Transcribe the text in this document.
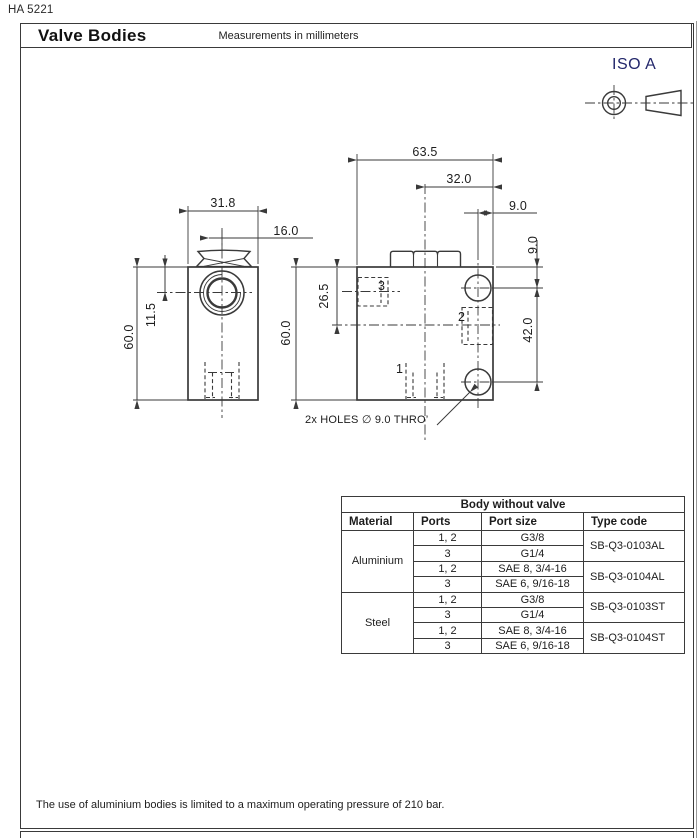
HA 5221
Valve Bodies	Measurements in millimeters
ISO A
31.8
16.0
11.5
60.0
63.5
32.0
9.0
9.0
42.0
26.5
60.0
3
2
1
2x HOLES ∅ 9.0 THRO’
Body without valve			
Material	Ports	Port size	Type code
Aluminium	1, 2	G3/8	SB-Q3-0103AL
	3	G1/4	
	1, 2	SAE 8, 3/4-16	SB-Q3-0104AL
	3	SAE 6, 9/16-18	
Steel	1, 2	G3/8	SB-Q3-0103ST
	3	G1/4	
	1, 2	SAE 8, 3/4-16	SB-Q3-0104ST
	3	SAE 6, 9/16-18	
The use of aluminium bodies is limited to a maximum operating pressure of 210 bar.
